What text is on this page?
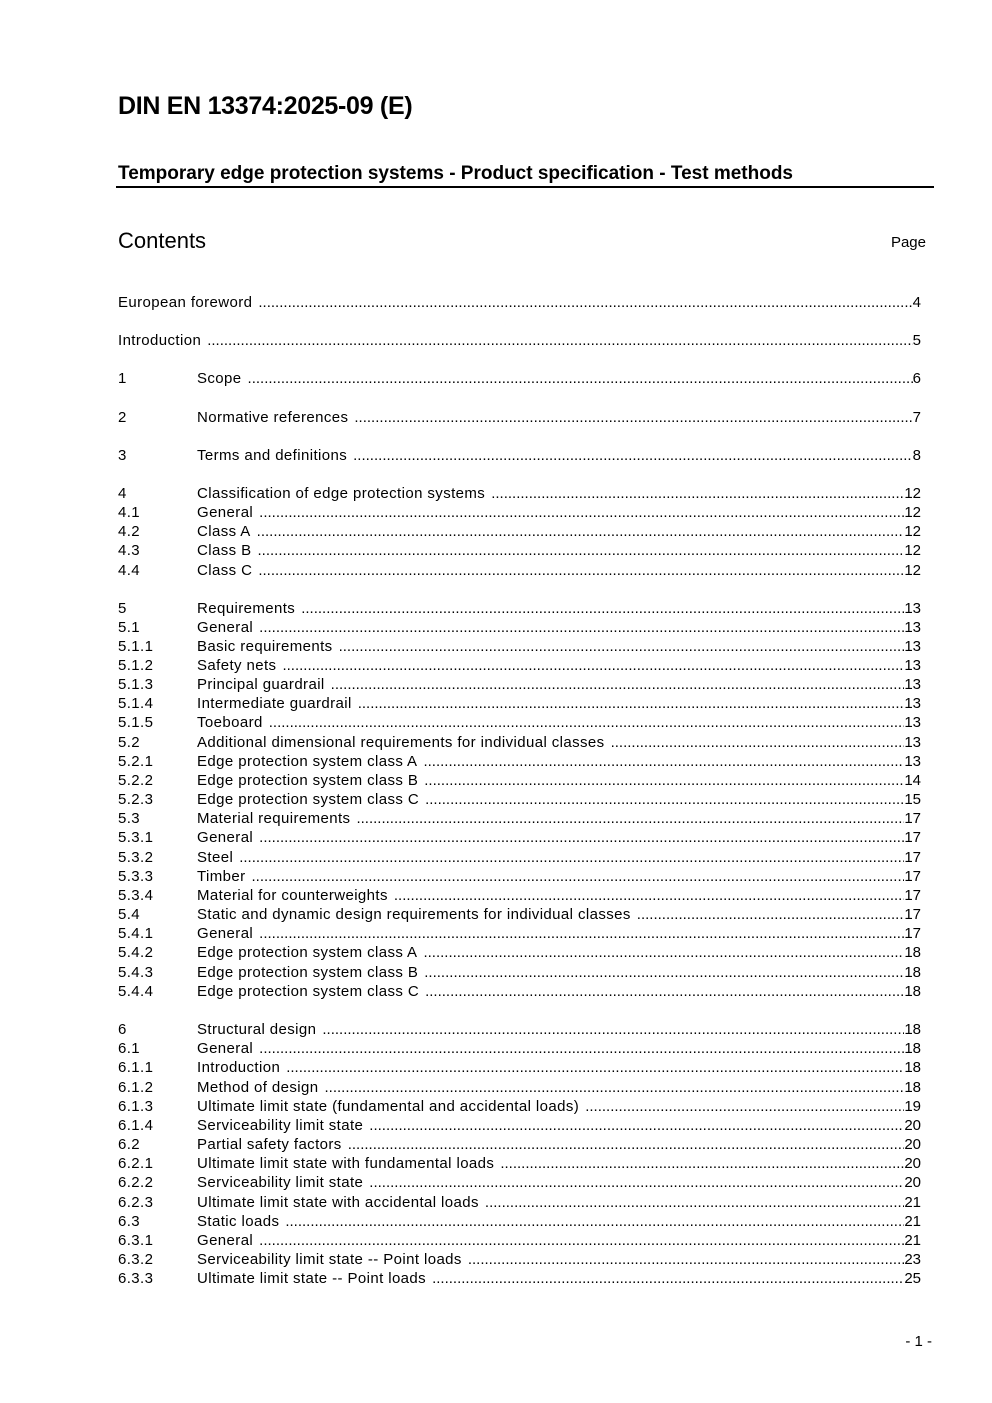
DIN EN 13374:2025-09 (E)
Temporary edge protection systems - Product specification - Test methods
Contents	Page
European foreword .....	4
Introduction .....	5
1	Scope .....	6
2	Normative references .....	7
3	Terms and definitions .....	8
4	Classification of edge protection systems .....	12
4.1	General .....	12
4.2	Class A .....	12
4.3	Class B .....	12
4.4	Class C .....	12
5	Requirements .....	13
5.1	General .....	13
5.1.1	Basic requirements .....	13
5.1.2	Safety nets .....	13
5.1.3	Principal guardrail .....	13
5.1.4	Intermediate guardrail .....	13
5.1.5	Toeboard .....	13
5.2	Additional dimensional requirements for individual classes .....	13
5.2.1	Edge protection system class A .....	13
5.2.2	Edge protection system class B .....	14
5.2.3	Edge protection system class C .....	15
5.3	Material requirements .....	17
5.3.1	General .....	17
5.3.2	Steel .....	17
5.3.3	Timber .....	17
5.3.4	Material for counterweights .....	17
5.4	Static and dynamic design requirements for individual classes .....	17
5.4.1	General .....	17
5.4.2	Edge protection system class A .....	18
5.4.3	Edge protection system class B .....	18
5.4.4	Edge protection system class C .....	18
6	Structural design .....	18
6.1	General .....	18
6.1.1	Introduction .....	18
6.1.2	Method of design .....	18
6.1.3	Ultimate limit state (fundamental and accidental loads) .....	19
6.1.4	Serviceability limit state .....	20
6.2	Partial safety factors .....	20
6.2.1	Ultimate limit state with fundamental loads .....	20
6.2.2	Serviceability limit state .....	20
6.2.3	Ultimate limit state with accidental loads .....	21
6.3	Static loads .....	21
6.3.1	General .....	21
6.3.2	Serviceability limit state -- Point loads .....	23
6.3.3	Ultimate limit state -- Point loads .....	25
- 1 -
